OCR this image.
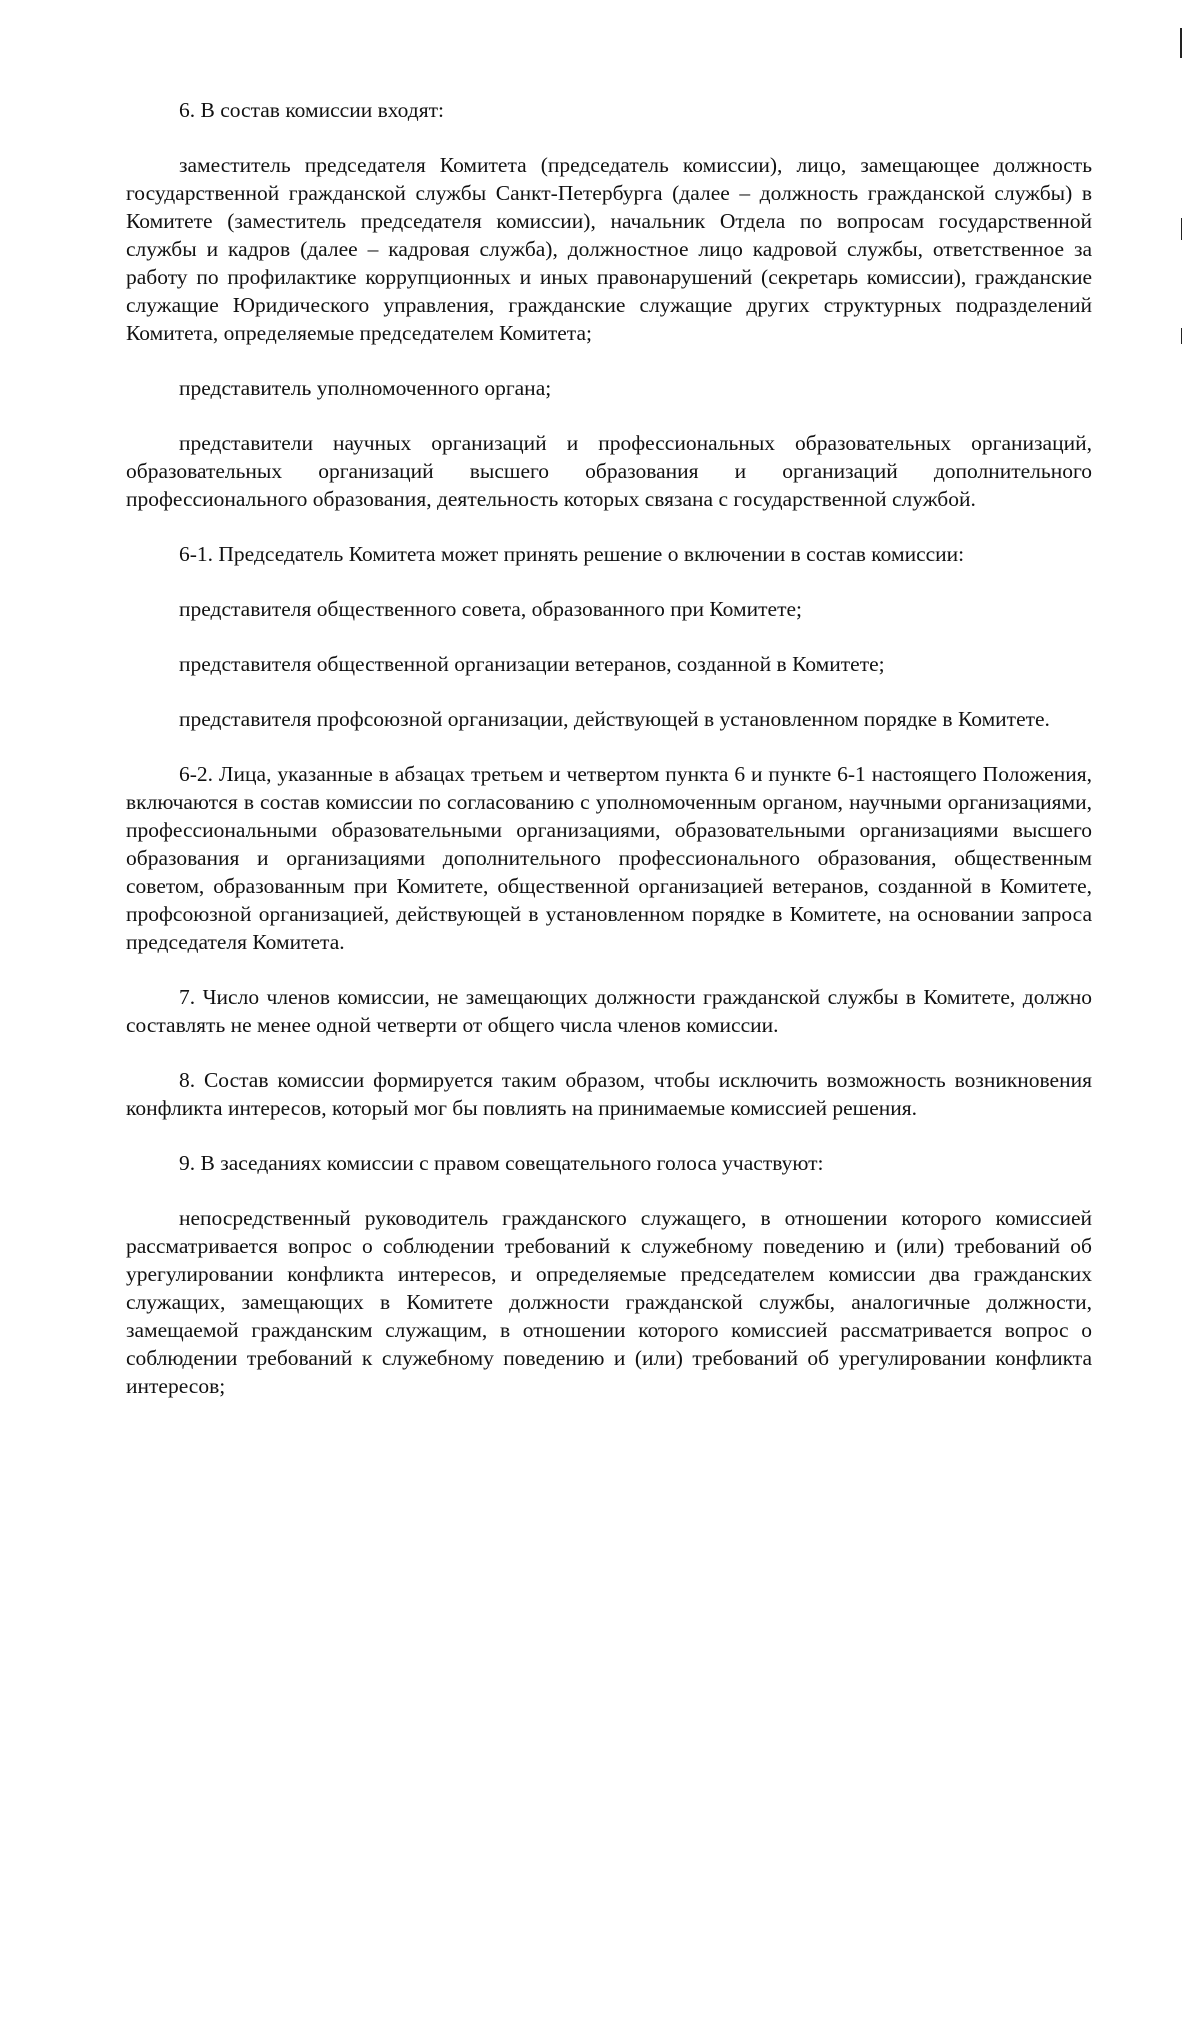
6. В состав комиссии входят:

заместитель председателя Комитета (председатель комиссии), лицо, замещающее должность государственной гражданской службы Санкт-Петербурга (далее – должность гражданской службы) в Комитете (заместитель председателя комиссии), начальник Отдела по вопросам государственной службы и кадров (далее – кадровая служба), должностное лицо кадровой службы, ответственное за работу по профилактике коррупционных и иных правонарушений (секретарь комиссии), гражданские служащие Юридического управления, гражданские служащие других структурных подразделений Комитета, определяемые председателем Комитета;

представитель уполномоченного органа;

представители научных организаций и профессиональных образовательных организаций, образовательных организаций высшего образования и организаций дополнительного профессионального образования, деятельность которых связана с государственной службой.

6-1. Председатель Комитета может принять решение о включении в состав комиссии:

представителя общественного совета, образованного при Комитете;

представителя общественной организации ветеранов, созданной в Комитете;

представителя профсоюзной организации, действующей в установленном порядке в Комитете.

6-2. Лица, указанные в абзацах третьем и четвертом пункта 6 и пункте 6-1 настоящего Положения, включаются в состав комиссии по согласованию с уполномоченным органом, научными организациями, профессиональными образовательными организациями, образовательными организациями высшего образования и организациями дополнительного профессионального образования, общественным советом, образованным при Комитете, общественной организацией ветеранов, созданной в Комитете, профсоюзной организацией, действующей в установленном порядке в Комитете, на основании запроса председателя Комитета.

7. Число членов комиссии, не замещающих должности гражданской службы в Комитете, должно составлять не менее одной четверти от общего числа членов комиссии.

8. Состав комиссии формируется таким образом, чтобы исключить возможность возникновения конфликта интересов, который мог бы повлиять на принимаемые комиссией решения.

9. В заседаниях комиссии с правом совещательного голоса участвуют:

непосредственный руководитель гражданского служащего, в отношении которого комиссией рассматривается вопрос о соблюдении требований к служебному поведению и (или) требований об урегулировании конфликта интересов, и определяемые председателем комиссии два гражданских служащих, замещающих в Комитете должности гражданской службы, аналогичные должности, замещаемой гражданским служащим, в отношении которого комиссией рассматривается вопрос о соблюдении требований к служебному поведению и (или) требований об урегулировании конфликта интересов;
